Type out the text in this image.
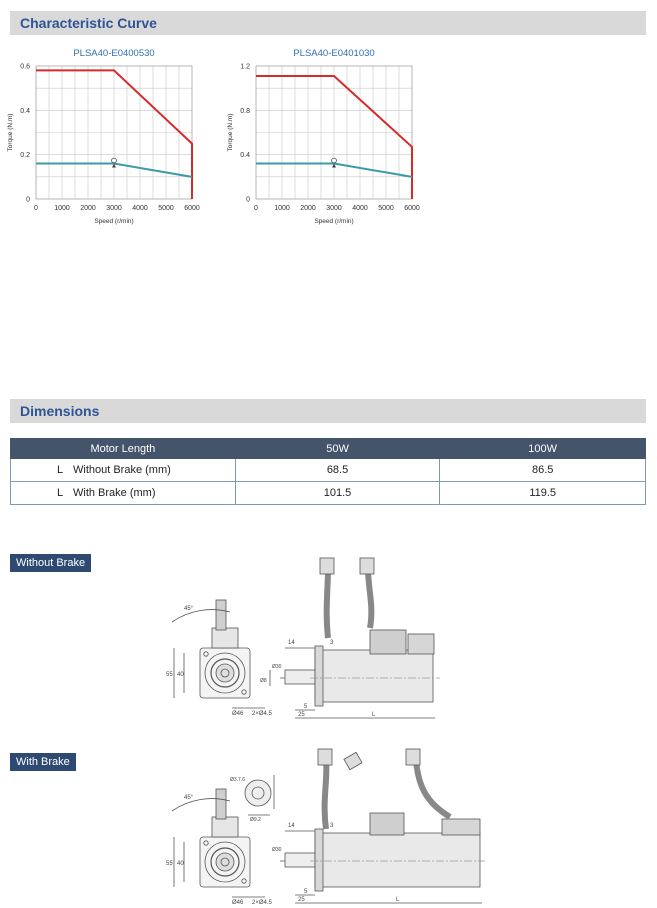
Characteristic Curve
PLSA40-E0400530
0 1000 2000 3000 4000 5000 6000
0
0.2
0.4
0.6
Speed (r/min)
Torque (N.m)
PLSA40-E0401030
0 1000 2000 3000 4000 5000 6000
0
0.4
0.8
1.2
Speed (r/min)
Torque (N.m)
Dimensions
Motor Length	50W	100W
L Without Brake (mm)	68.5	86.5
L With Brake (mm)	101.5	119.5
Without Brake
45°
55 40
Ø46 2×Ø4.5
14	3
5
25	L
Ø8
Ø30
With Brake
45°
55 40
Ø46 2×Ø4.5
Ø3.7.6
Ø9.2
14	3
5
25	L
Ø30
